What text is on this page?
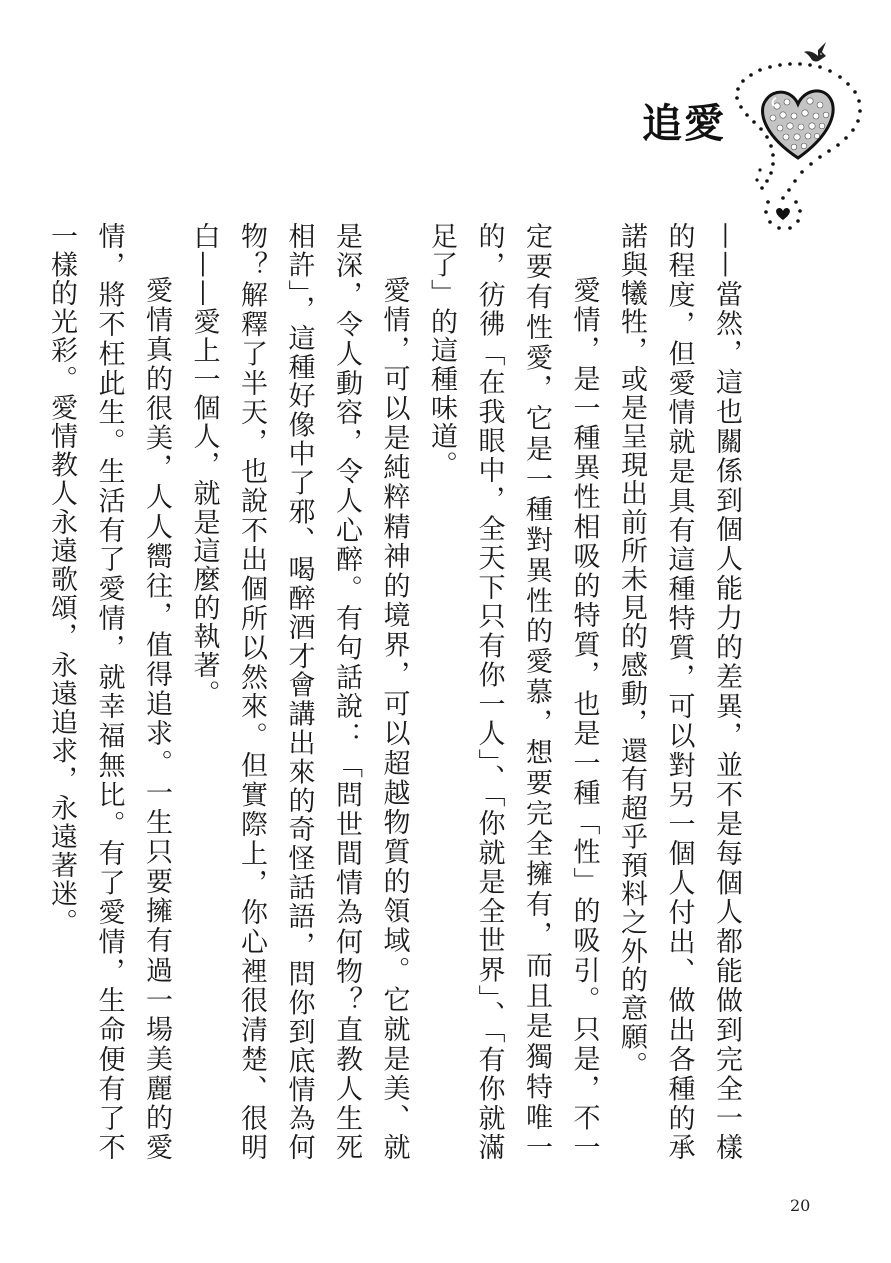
追愛

——當然，這也關係到個人能力的差異，並不是每個人都能做到完全一樣的程度，但愛情就是具有這種特質，可以對另一個人付出、做出各種的承諾與犧牲，或是呈現出前所未見的感動，還有超乎預料之外的意願。

愛情，是一種異性相吸的特質，也是一種「性」的吸引。只是，不一定要有性愛，它是一種對異性的愛慕，想要完全擁有，而且是獨特唯一的，彷彿「在我眼中，全天下只有你一人」、「你就是全世界」、「有你就滿足了」的這種味道。

愛情，可以是純粹精神的境界，可以超越物質的領域。它就是美、就是深，令人動容，令人心醉。有句話說：「問世間情為何物？直教人生死相許」，這種好像中了邪、喝醉酒才會講出來的奇怪話語，問你到底情為何物？解釋了半天，也說不出個所以然來。但實際上，你心裡很清楚、很明白——愛上一個人，就是這麼的執著。

愛情真的很美，人人嚮往，值得追求。一生只要擁有過一場美麗的愛情，將不枉此生。生活有了愛情，就幸福無比。有了愛情，生命便有了不一樣的光彩。愛情教人永遠歌頌，永遠追求，永遠著迷。

20
